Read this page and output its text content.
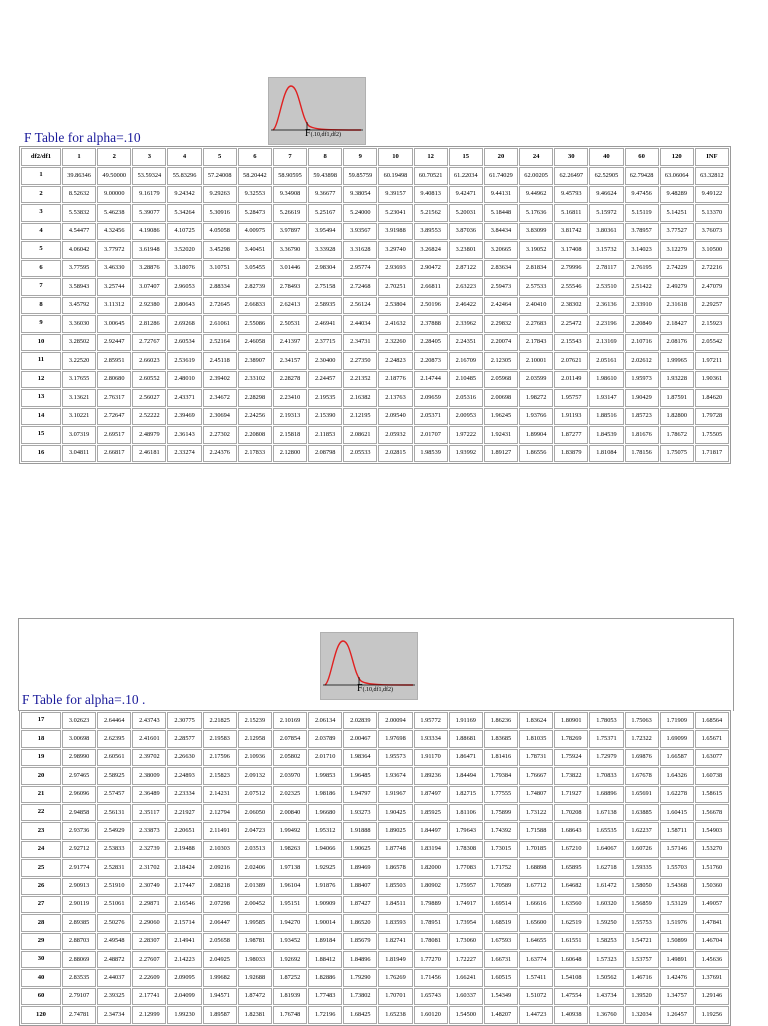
F(.10,df1,df2)
F Table for alpha=.10
df2/df1	1	2	3	4	5	6	7	8	9	10	12	15	20	24	30	40	60	120	INF
1	39.86346	49.50000	53.59324	55.83296	57.24008	58.20442	58.90595	59.43898	59.85759	60.19498	60.70521	61.22034	61.74029	62.00205	62.26497	62.52905	62.79428	63.06064	63.32812
2	8.52632	9.00000	9.16179	9.24342	9.29263	9.32553	9.34908	9.36677	9.38054	9.39157	9.40813	9.42471	9.44131	9.44962	9.45793	9.46624	9.47456	9.48289	9.49122
3	5.53832	5.46238	5.39077	5.34264	5.30916	5.28473	5.26619	5.25167	5.24000	5.23041	5.21562	5.20031	5.18448	5.17636	5.16811	5.15972	5.15119	5.14251	5.13370
4	4.54477	4.32456	4.19086	4.10725	4.05058	4.00975	3.97897	3.95494	3.93567	3.91988	3.89553	3.87036	3.84434	3.83099	3.81742	3.80361	3.78957	3.77527	3.76073
5	4.06042	3.77972	3.61948	3.52020	3.45298	3.40451	3.36790	3.33928	3.31628	3.29740	3.26824	3.23801	3.20665	3.19052	3.17408	3.15732	3.14023	3.12279	3.10500
6	3.77595	3.46330	3.28876	3.18076	3.10751	3.05455	3.01446	2.98304	2.95774	2.93693	2.90472	2.87122	2.83634	2.81834	2.79996	2.78117	2.76195	2.74229	2.72216
7	3.58943	3.25744	3.07407	2.96053	2.88334	2.82739	2.78493	2.75158	2.72468	2.70251	2.66811	2.63223	2.59473	2.57533	2.55546	2.53510	2.51422	2.49279	2.47079
8	3.45792	3.11312	2.92380	2.80643	2.72645	2.66833	2.62413	2.58935	2.56124	2.53804	2.50196	2.46422	2.42464	2.40410	2.38302	2.36136	2.33910	2.31618	2.29257
9	3.36030	3.00645	2.81286	2.69268	2.61061	2.55086	2.50531	2.46941	2.44034	2.41632	2.37888	2.33962	2.29832	2.27683	2.25472	2.23196	2.20849	2.18427	2.15923
10	3.28502	2.92447	2.72767	2.60534	2.52164	2.46058	2.41397	2.37715	2.34731	2.32260	2.28405	2.24351	2.20074	2.17843	2.15543	2.13169	2.10716	2.08176	2.05542
11	3.22520	2.85951	2.66023	2.53619	2.45118	2.38907	2.34157	2.30400	2.27350	2.24823	2.20873	2.16709	2.12305	2.10001	2.07621	2.05161	2.02612	1.99965	1.97211
12	3.17655	2.80680	2.60552	2.48010	2.39402	2.33102	2.28278	2.24457	2.21352	2.18776	2.14744	2.10485	2.05968	2.03599	2.01149	1.98610	1.95973	1.93228	1.90361
13	3.13621	2.76317	2.56027	2.43371	2.34672	2.28298	2.23410	2.19535	2.16382	2.13763	2.09659	2.05316	2.00698	1.98272	1.95757	1.93147	1.90429	1.87591	1.84620
14	3.10221	2.72647	2.52222	2.39469	2.30694	2.24256	2.19313	2.15390	2.12195	2.09540	2.05371	2.00953	1.96245	1.93766	1.91193	1.88516	1.85723	1.82800	1.79728
15	3.07319	2.69517	2.48979	2.36143	2.27302	2.20808	2.15818	2.11853	2.08621	2.05932	2.01707	1.97222	1.92431	1.89904	1.87277	1.84539	1.81676	1.78672	1.75505
16	3.04811	2.66817	2.46181	2.33274	2.24376	2.17833	2.12800	2.08798	2.05533	2.02815	1.98539	1.93992	1.89127	1.86556	1.83879	1.81084	1.78156	1.75075	1.71817
F(.10,df1,df2)
F Table for alpha=.10 .
17	3.02623	2.64464	2.43743	2.30775	2.21825	2.15239	2.10169	2.06134	2.02839	2.00094	1.95772	1.91169	1.86236	1.83624	1.80901	1.78053	1.75063	1.71909	1.68564
18	3.00698	2.62395	2.41601	2.28577	2.19583	2.12958	2.07854	2.03789	2.00467	1.97698	1.93334	1.88681	1.83685	1.81035	1.78269	1.75371	1.72322	1.69099	1.65671
19	2.98990	2.60561	2.39702	2.26630	2.17596	2.10936	2.05802	2.01710	1.98364	1.95573	1.91170	1.86471	1.81416	1.78731	1.75924	1.72979	1.69876	1.66587	1.63077
20	2.97465	2.58925	2.38009	2.24893	2.15823	2.09132	2.03970	1.99853	1.96485	1.93674	1.89236	1.84494	1.79384	1.76667	1.73822	1.70833	1.67678	1.64326	1.60738
21	2.96096	2.57457	2.36489	2.23334	2.14231	2.07512	2.02325	1.98186	1.94797	1.91967	1.87497	1.82715	1.77555	1.74807	1.71927	1.68896	1.65691	1.62278	1.58615
22	2.94858	2.56131	2.35117	2.21927	2.12794	2.06050	2.00840	1.96680	1.93273	1.90425	1.85925	1.81106	1.75899	1.73122	1.70208	1.67138	1.63885	1.60415	1.56678
23	2.93736	2.54929	2.33873	2.20651	2.11491	2.04723	1.99492	1.95312	1.91888	1.89025	1.84497	1.79643	1.74392	1.71588	1.68643	1.65535	1.62237	1.58711	1.54903
24	2.92712	2.53833	2.32739	2.19488	2.10303	2.03513	1.98263	1.94066	1.90625	1.87748	1.83194	1.78308	1.73015	1.70185	1.67210	1.64067	1.60726	1.57146	1.53270
25	2.91774	2.52831	2.31702	2.18424	2.09216	2.02406	1.97138	1.92925	1.89469	1.86578	1.82000	1.77083	1.71752	1.68898	1.65895	1.62718	1.59335	1.55703	1.51760
26	2.90913	2.51910	2.30749	2.17447	2.08218	2.01389	1.96104	1.91876	1.88407	1.85503	1.80902	1.75957	1.70589	1.67712	1.64682	1.61472	1.58050	1.54368	1.50360
27	2.90119	2.51061	2.29871	2.16546	2.07298	2.00452	1.95151	1.90909	1.87427	1.84511	1.79889	1.74917	1.69514	1.66616	1.63560	1.60320	1.56859	1.53129	1.49057
28	2.89385	2.50276	2.29060	2.15714	2.06447	1.99585	1.94270	1.90014	1.86520	1.83593	1.78951	1.73954	1.68519	1.65600	1.62519	1.59250	1.55753	1.51976	1.47841
29	2.88703	2.49548	2.28307	2.14941	2.05658	1.98781	1.93452	1.89184	1.85679	1.82741	1.78081	1.73060	1.67593	1.64655	1.61551	1.58253	1.54721	1.50899	1.46704
30	2.88069	2.48872	2.27607	2.14223	2.04925	1.98033	1.92692	1.88412	1.84896	1.81949	1.77270	1.72227	1.66731	1.63774	1.60648	1.57323	1.53757	1.49891	1.45636
40	2.83535	2.44037	2.22609	2.09095	1.99682	1.92688	1.87252	1.82886	1.79290	1.76269	1.71456	1.66241	1.60515	1.57411	1.54108	1.50562	1.46716	1.42476	1.37691
60	2.79107	2.39325	2.17741	2.04099	1.94571	1.87472	1.81939	1.77483	1.73802	1.70701	1.65743	1.60337	1.54349	1.51072	1.47554	1.43734	1.39520	1.34757	1.29146
120	2.74781	2.34734	2.12999	1.99230	1.89587	1.82381	1.76748	1.72196	1.68425	1.65238	1.60120	1.54500	1.48207	1.44723	1.40938	1.36760	1.32034	1.26457	1.19256
